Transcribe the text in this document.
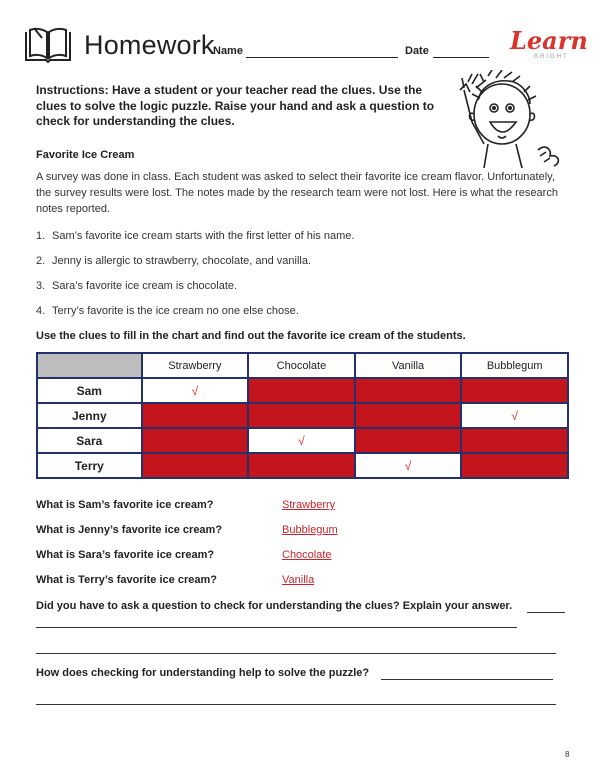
Homework
Name	Date	Learn
BRIGHT
Instructions: Have a student or your teacher read the clues. Use the clues to solve the logic puzzle. Raise your hand and ask a question to check for understanding the clues.
Favorite Ice Cream
A survey was done in class. Each student was asked to select their favorite ice cream flavor. Unfortunately, the survey results were lost. The notes made by the research team were not lost. Here is what the research notes reported.
1. Sam’s favorite ice cream starts with the first letter of his name.
2. Jenny is allergic to strawberry, chocolate, and vanilla.
3. Sara’s favorite ice cream is chocolate.
4. Terry’s favorite is the ice cream no one else chose.
Use the clues to fill in the chart and find out the favorite ice cream of the students.
	Strawberry	Chocolate	Vanilla	Bubblegum
Sam	√			
Jenny				√
Sara		√		
Terry			√	
What is Sam’s favorite ice cream?	Strawberry
What is Jenny’s favorite ice cream?	Bubblegum
What is Sara’s favorite ice cream?	Chocolate
What is Terry’s favorite ice cream?	Vanilla
Did you have to ask a question to check for understanding the clues? Explain your answer.
How does checking for understanding help to solve the puzzle?
8
